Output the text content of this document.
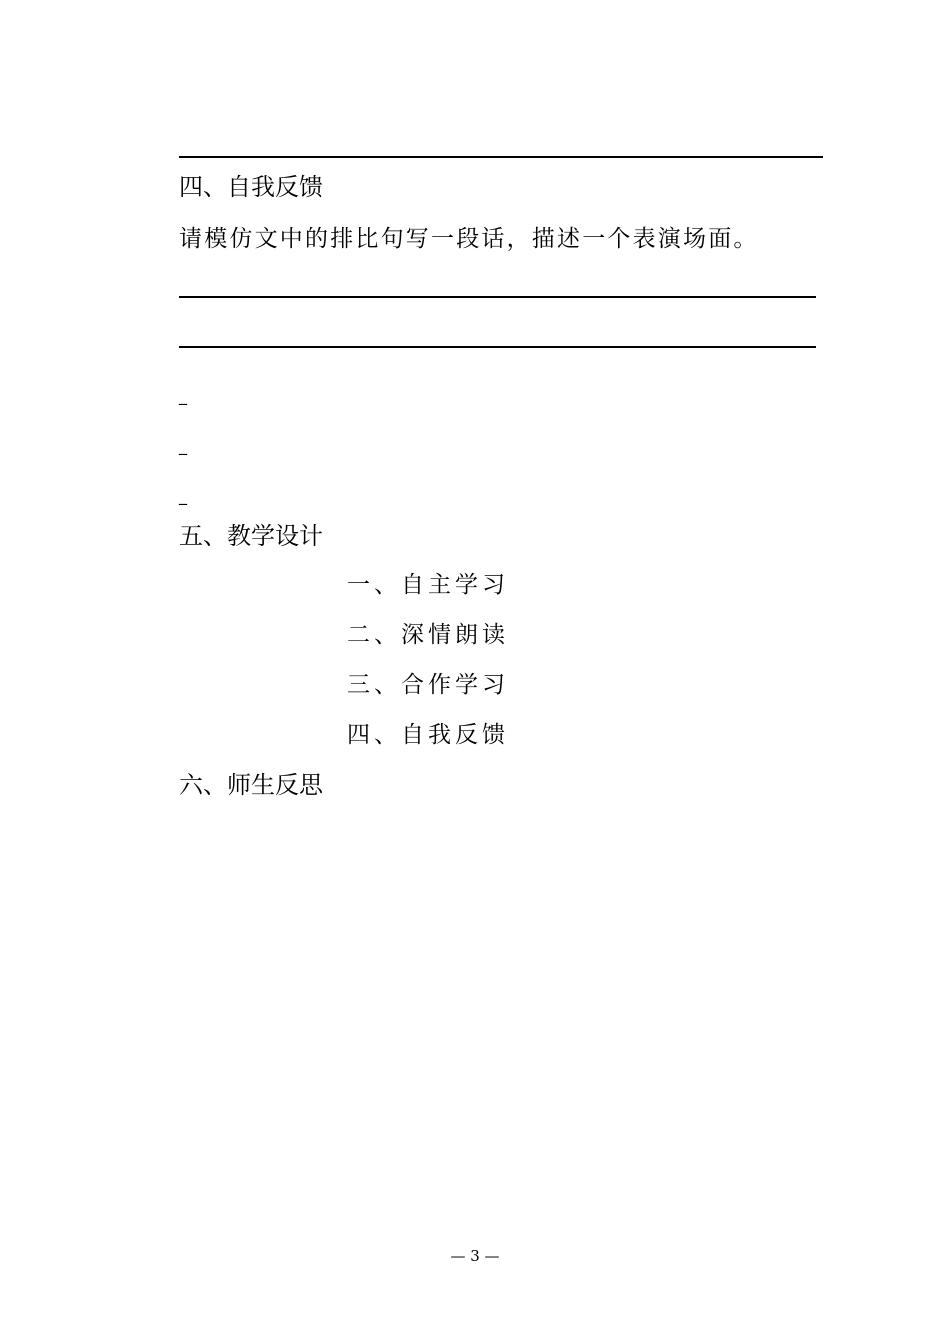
四、自我反馈
请模仿文中的排比句写一段话，描述一个表演场面。
_
_
_
五、教学设计
一、自主学习
二、深情朗读
三、合作学习
四、自我反馈
六、师生反思
— 3 —
